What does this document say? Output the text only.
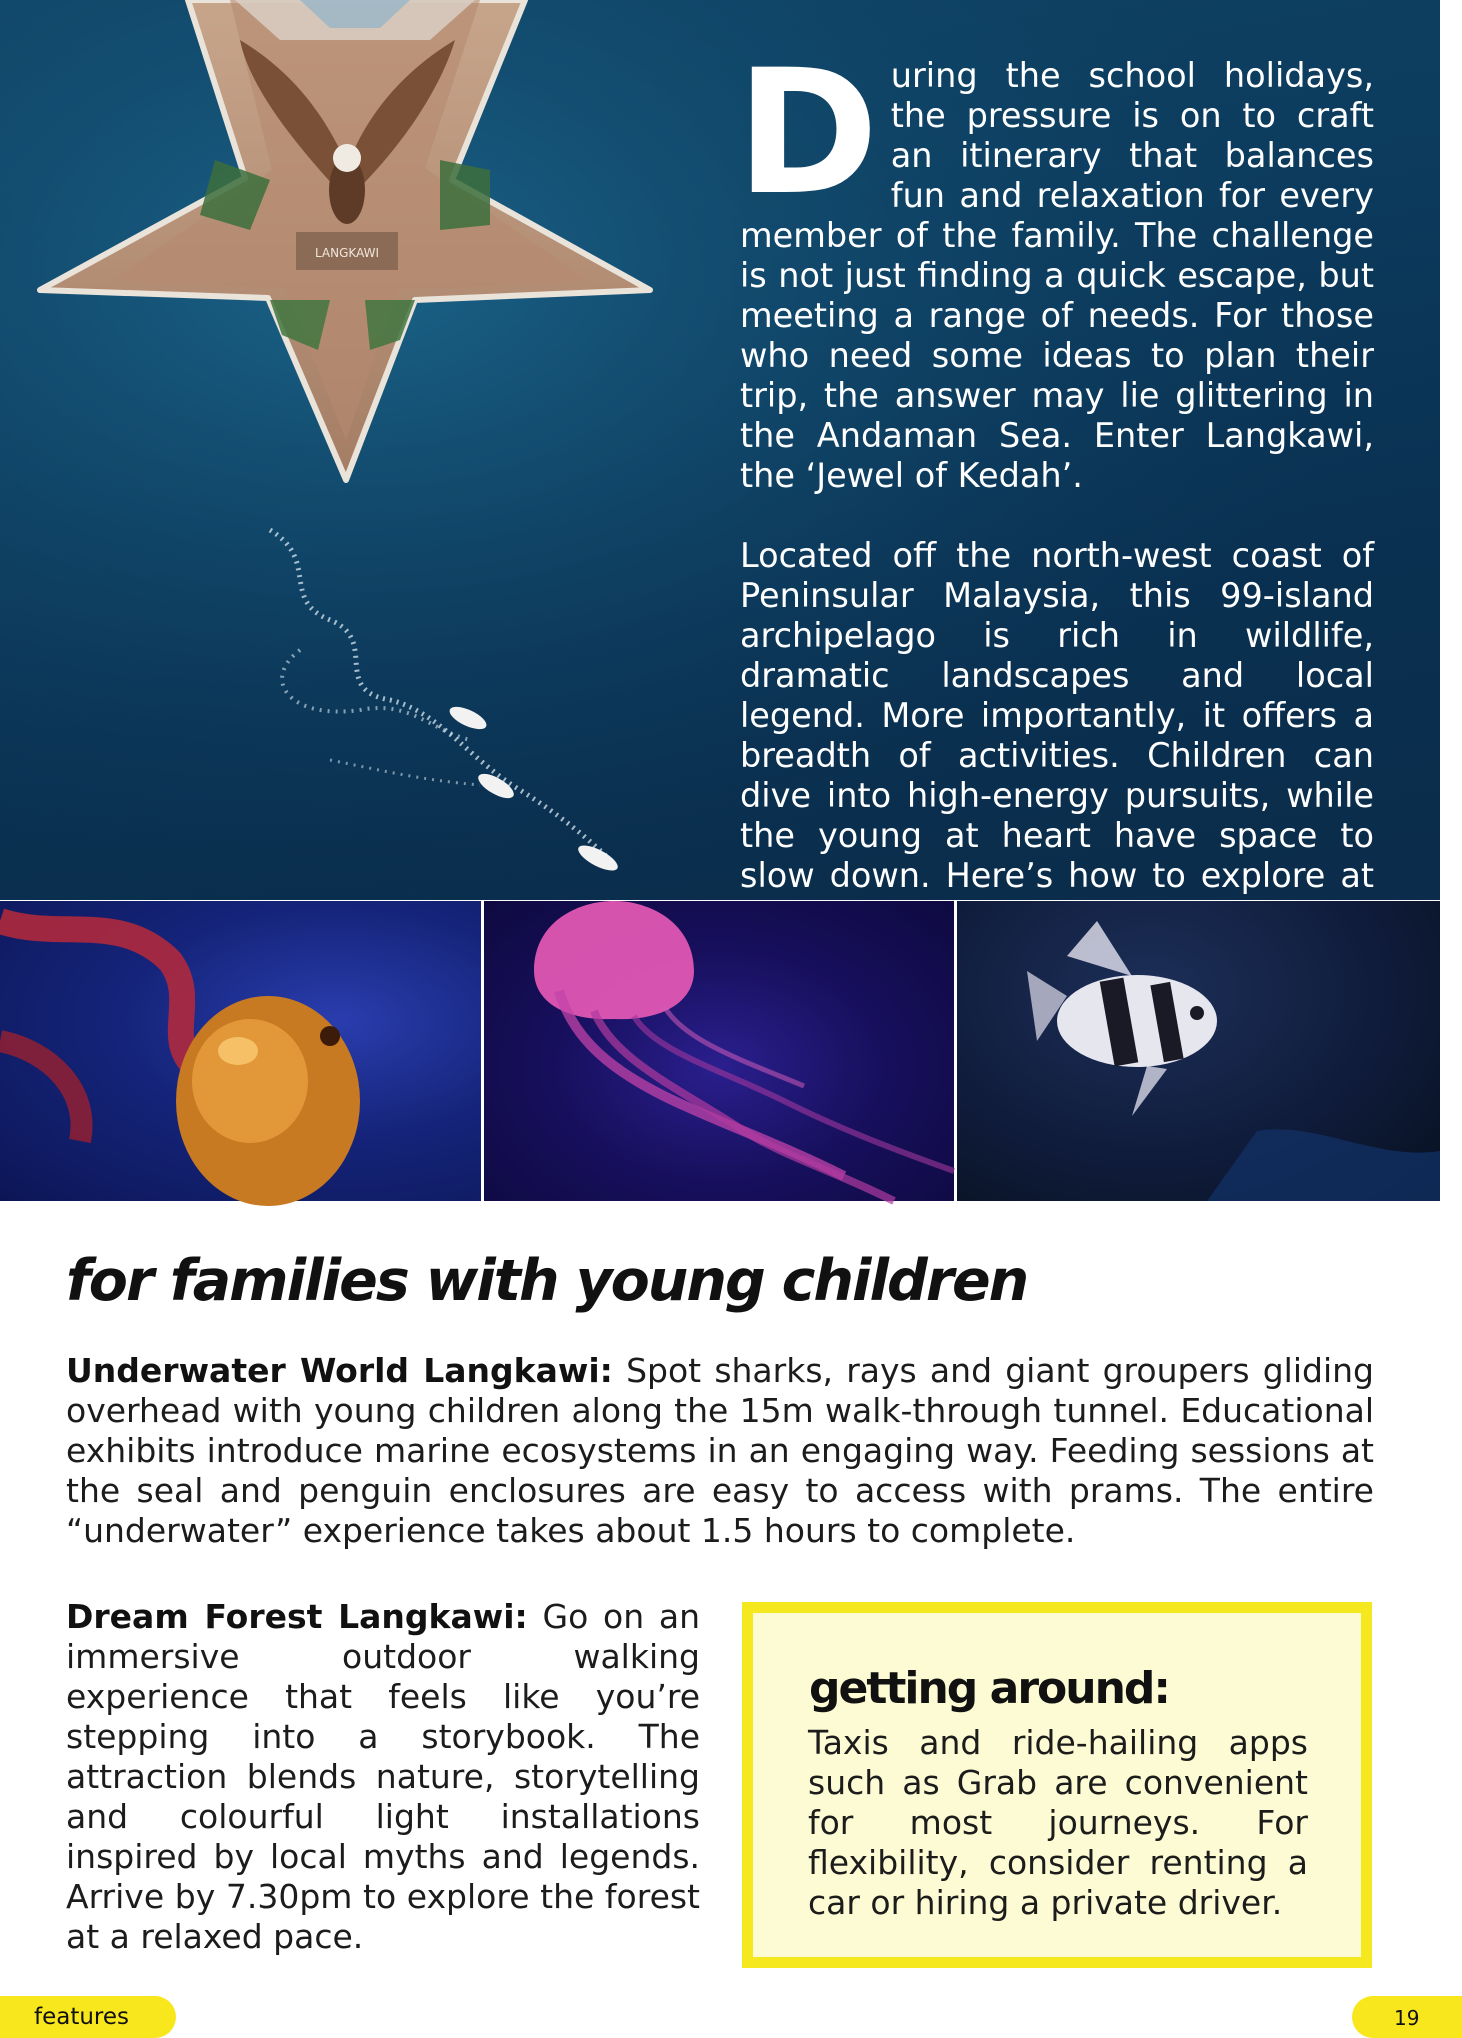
LANGKAWI
D uring the school holidays, the pressure is on to craft an itinerary that balances fun and relaxation for every member of the family. The challenge is not just finding a quick escape, but meeting a range of needs. For those who need some ideas to plan their trip, the answer may lie glittering in the Andaman Sea. Enter Langkawi, the ‘Jewel of Kedah’.

Located off the north-west coast of Peninsular Malaysia, this 99-island archipelago is rich in wildlife, dramatic landscapes and local legend. More importantly, it offers a breadth of activities. Children can dive into high-energy pursuits, while the young at heart have space to slow down. Here’s how to explore at

for families with young children

Underwater World Langkawi: Spot sharks, rays and giant groupers gliding overhead with young children along the 15m walk-through tunnel. Educational exhibits introduce marine ecosystems in an engaging way. Feeding sessions at the seal and penguin enclosures are easy to access with prams. The entire “underwater” experience takes about 1.5 hours to complete.

Dream Forest Langkawi: Go on an immersive outdoor walking experience that feels like you’re stepping into a storybook. The attraction blends nature, storytelling and colourful light installations inspired by local myths and legends. Arrive by 7.30pm to explore the forest at a relaxed pace.

getting around:

Taxis and ride-hailing apps such as Grab are convenient for most journeys. For flexibility, consider renting a car or hiring a private driver.

features	19
